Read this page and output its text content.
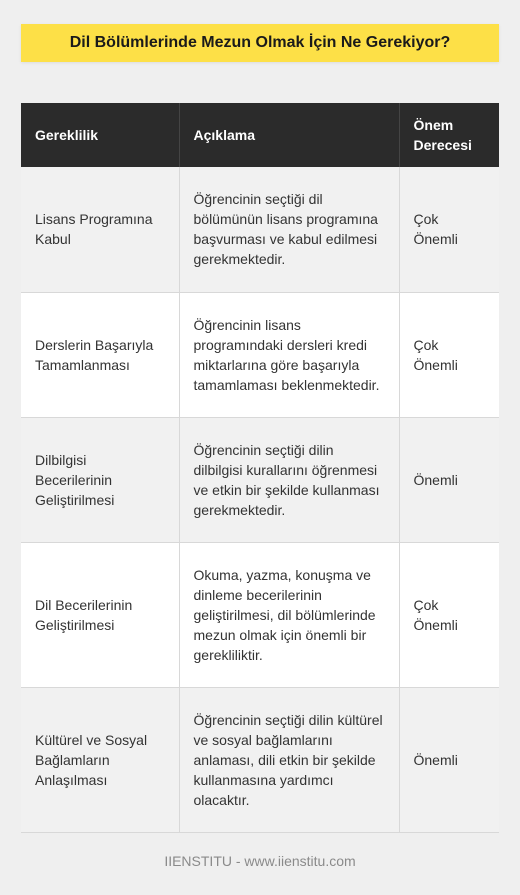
Dil Bölümlerinde Mezun Olmak İçin Ne Gerekiyor?
Gereklilik	Açıklama	Önem Derecesi
Lisans Programına Kabul	Öğrencinin seçtiği dil bölümünün lisans programına başvurması ve kabul edilmesi gerekmektedir.	Çok Önemli
Derslerin Başarıyla Tamamlanması	Öğrencinin lisans programındaki dersleri kredi miktarlarına göre başarıyla tamamlaması beklenmektedir.	Çok Önemli
Dilbilgisi Becerilerinin Geliştirilmesi	Öğrencinin seçtiği dilin dilbilgisi kurallarını öğrenmesi ve etkin bir şekilde kullanması gerekmektedir.	Önemli
Dil Becerilerinin Geliştirilmesi	Okuma, yazma, konuşma ve dinleme becerilerinin geliştirilmesi, dil bölümlerinde mezun olmak için önemli bir gerekliliktir.	Çok Önemli
Kültürel ve Sosyal Bağlamların Anlaşılması	Öğrencinin seçtiği dilin kültürel ve sosyal bağlamlarını anlaması, dili etkin bir şekilde kullanmasına yardımcı olacaktır.	Önemli
IIENSTITU - www.iienstitu.com
